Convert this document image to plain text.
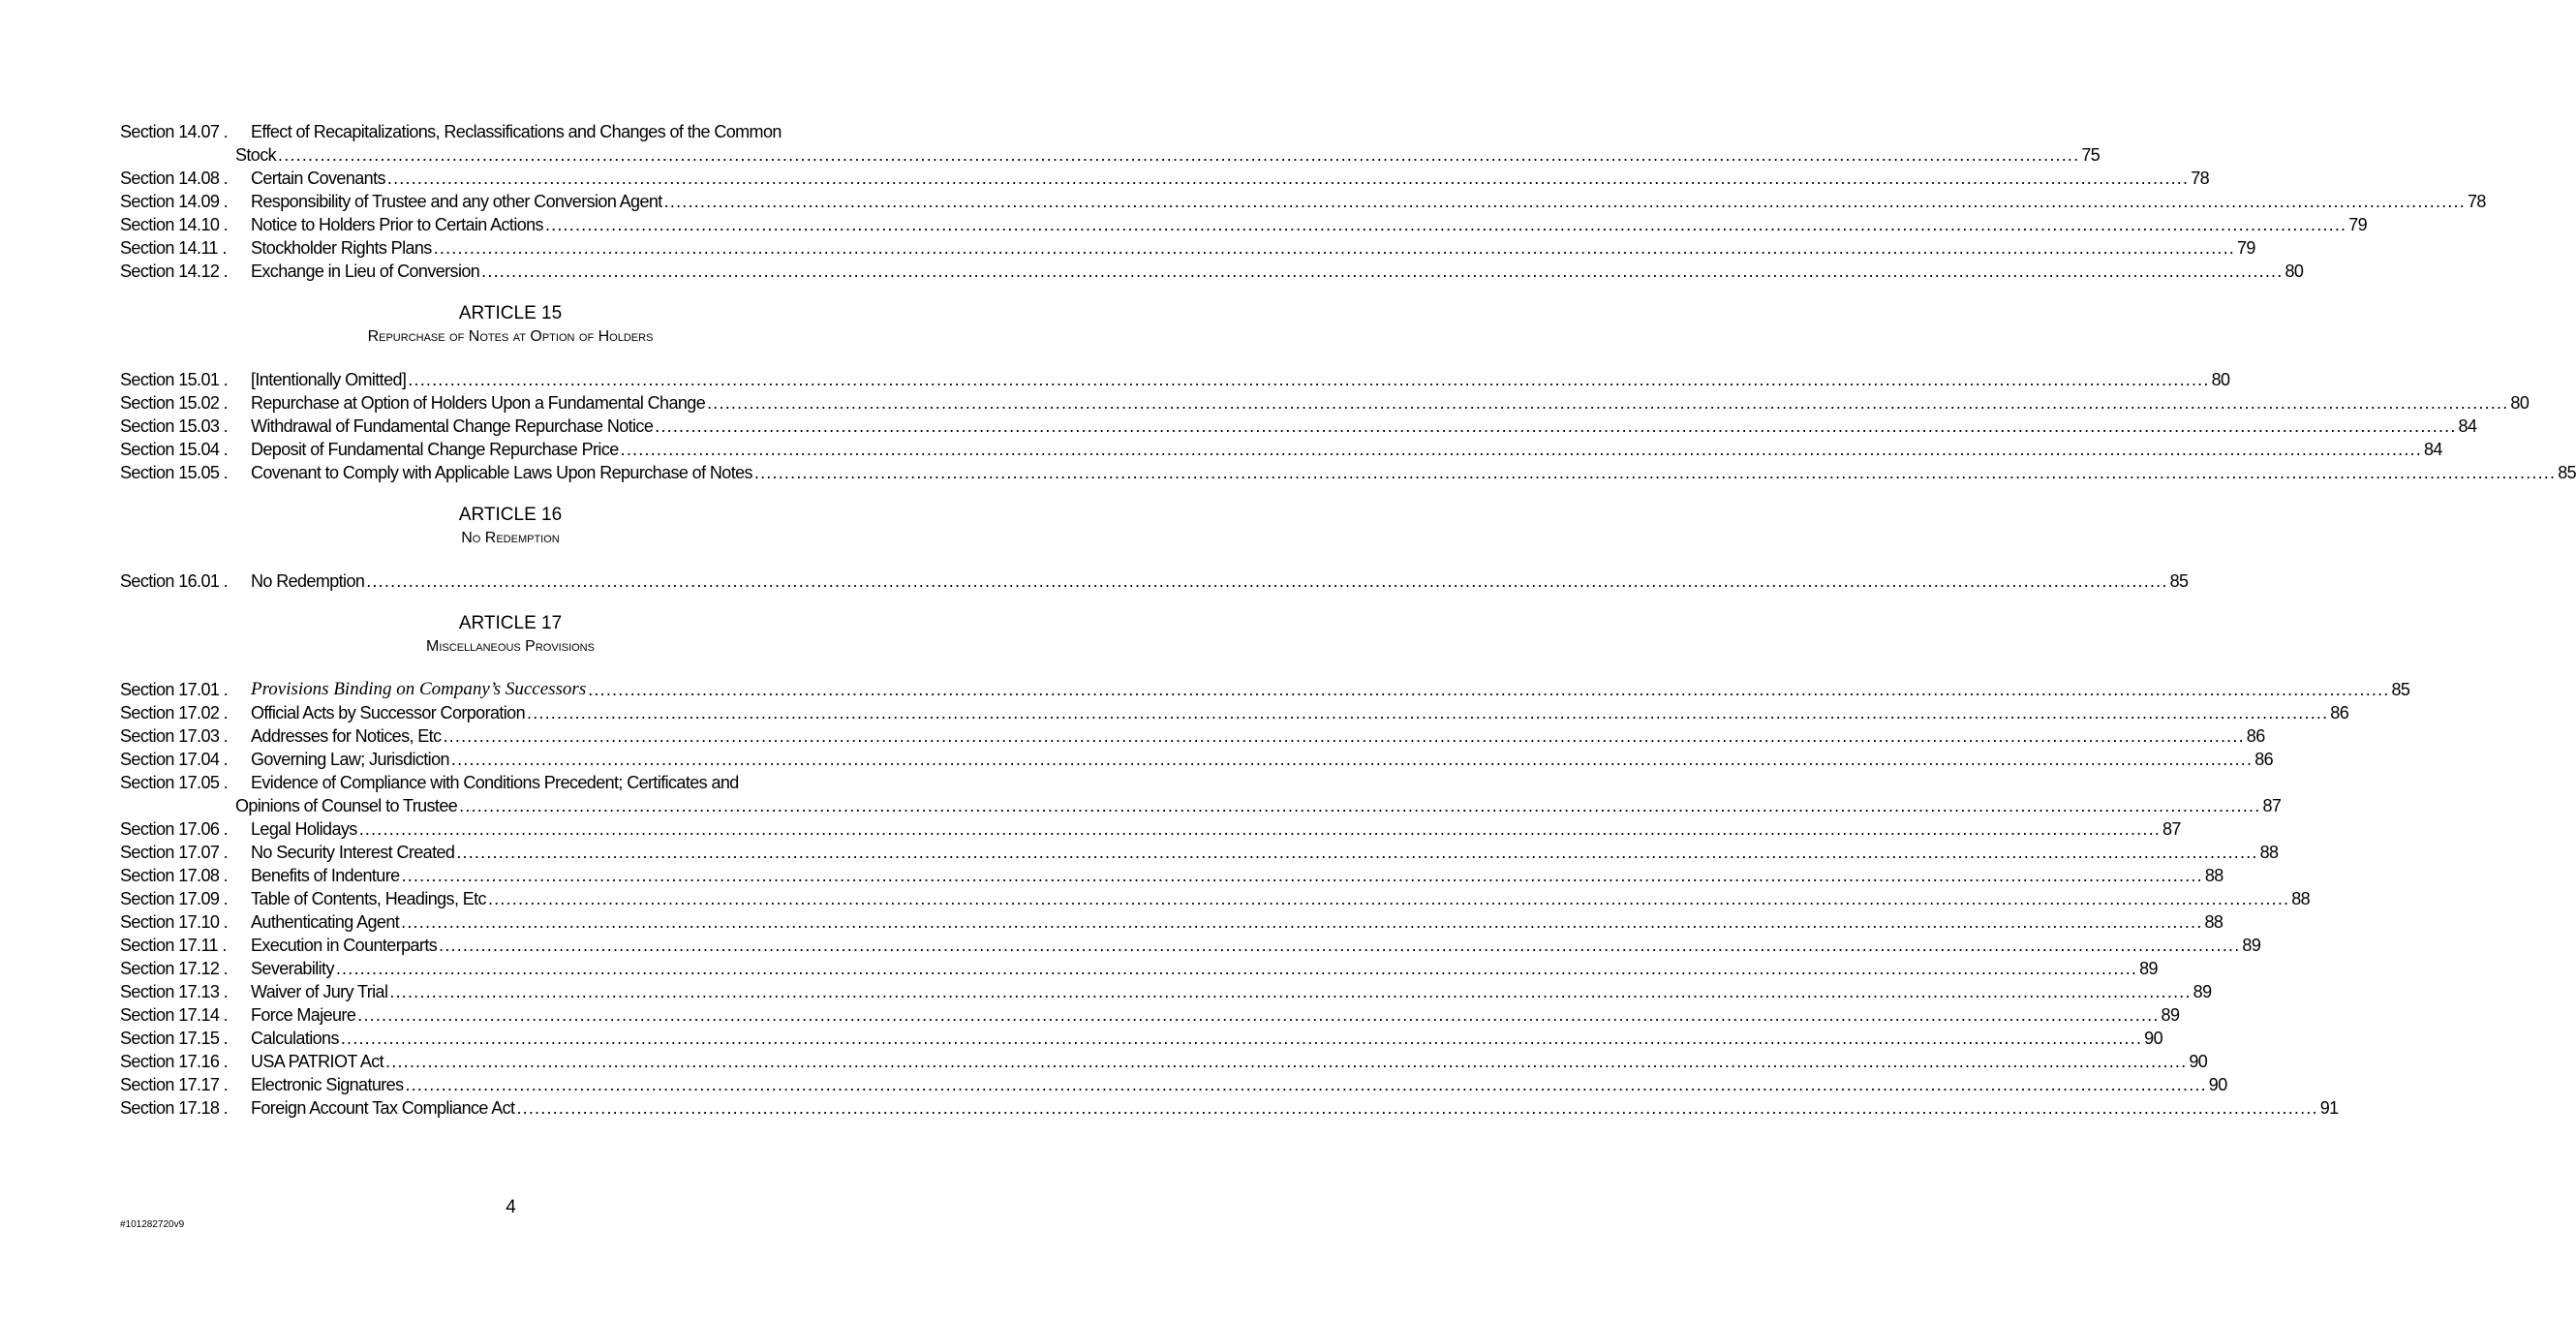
Section 14.07 .	Effect of Recapitalizations, Reclassifications and Changes of the Common
Stock ............................................................................................................................................................................................................................................................................................................ 75
Section 14.08 .	Certain Covenants ............................................................................................................................................................................................................................................................................................................ 78
Section 14.09 .	Responsibility of Trustee and any other Conversion Agent ............................................................................................................................................................................................................................................................................................................ 78
Section 14.10 .	Notice to Holders Prior to Certain Actions ............................................................................................................................................................................................................................................................................................................ 79
Section 14.11 .	Stockholder Rights Plans ............................................................................................................................................................................................................................................................................................................ 79
Section 14.12 .	Exchange in Lieu of Conversion ............................................................................................................................................................................................................................................................................................................ 80
ARTICLE 15
Repurchase of Notes at Option of Holders
Section 15.01 .	[Intentionally Omitted] ............................................................................................................................................................................................................................................................................................................ 80
Section 15.02 .	Repurchase at Option of Holders Upon a Fundamental Change ............................................................................................................................................................................................................................................................................................................ 80
Section 15.03 .	Withdrawal of Fundamental Change Repurchase Notice ............................................................................................................................................................................................................................................................................................................ 84
Section 15.04 .	Deposit of Fundamental Change Repurchase Price ............................................................................................................................................................................................................................................................................................................ 84
Section 15.05 .	Covenant to Comply with Applicable Laws Upon Repurchase of Notes ............................................................................................................................................................................................................................................................................................................ 85
ARTICLE 16
No Redemption
Section 16.01 .	No Redemption ............................................................................................................................................................................................................................................................................................................ 85
ARTICLE 17
Miscellaneous Provisions
Section 17.01 .	Provisions Binding on Company’s Successors ............................................................................................................................................................................................................................................................................................................ 85
Section 17.02 .	Official Acts by Successor Corporation ............................................................................................................................................................................................................................................................................................................ 86
Section 17.03 .	Addresses for Notices, Etc ............................................................................................................................................................................................................................................................................................................ 86
Section 17.04 .	Governing Law; Jurisdiction ............................................................................................................................................................................................................................................................................................................ 86
Section 17.05 .	Evidence of Compliance with Conditions Precedent; Certificates and
Opinions of Counsel to Trustee ............................................................................................................................................................................................................................................................................................................ 87
Section 17.06 .	Legal Holidays ............................................................................................................................................................................................................................................................................................................ 87
Section 17.07 .	No Security Interest Created ............................................................................................................................................................................................................................................................................................................ 88
Section 17.08 .	Benefits of Indenture ............................................................................................................................................................................................................................................................................................................ 88
Section 17.09 .	Table of Contents, Headings, Etc ............................................................................................................................................................................................................................................................................................................ 88
Section 17.10 .	Authenticating Agent ............................................................................................................................................................................................................................................................................................................ 88
Section 17.11 .	Execution in Counterparts ............................................................................................................................................................................................................................................................................................................ 89
Section 17.12 .	Severability ............................................................................................................................................................................................................................................................................................................ 89
Section 17.13 .	Waiver of Jury Trial ............................................................................................................................................................................................................................................................................................................ 89
Section 17.14 .	Force Majeure ............................................................................................................................................................................................................................................................................................................ 89
Section 17.15 .	Calculations ............................................................................................................................................................................................................................................................................................................ 90
Section 17.16 .	USA PATRIOT Act ............................................................................................................................................................................................................................................................................................................ 90
Section 17.17 .	Electronic Signatures ............................................................................................................................................................................................................................................................................................................ 90
Section 17.18 .	Foreign Account Tax Compliance Act ............................................................................................................................................................................................................................................................................................................ 91
4
#101282720v9
